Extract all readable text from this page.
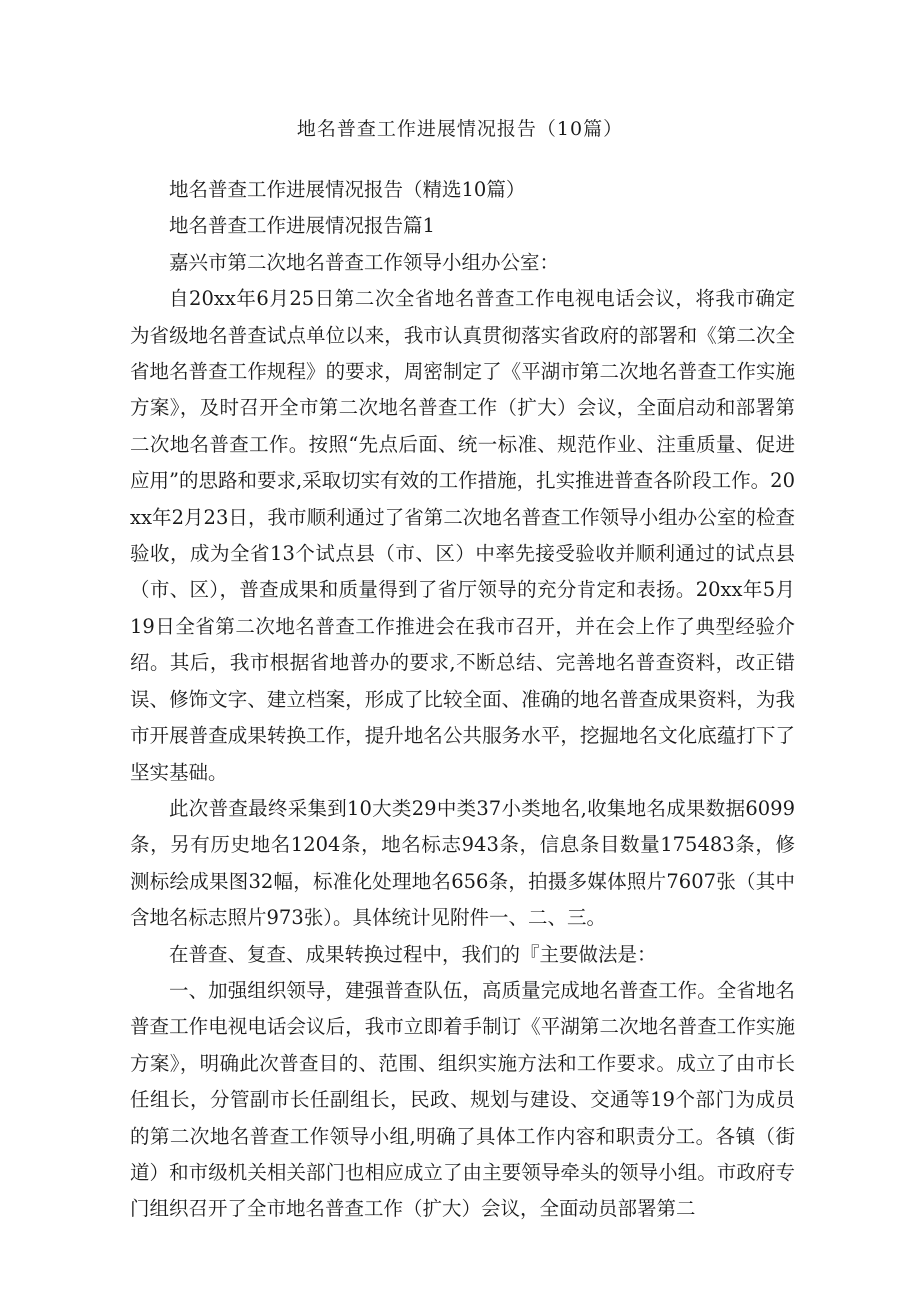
地名普查工作进展情况报告（10篇）

地名普查工作进展情况报告（精选10篇）

地名普查工作进展情况报告篇1

嘉兴市第二次地名普查工作领导小组办公室：

自20xx年6月25日第二次全省地名普查工作电视电话会议，将我市确定为省级地名普查试点单位以来，我市认真贯彻落实省政府的部署和《第二次全省地名普查工作规程》的要求，周密制定了《平湖市第二次地名普查工作实施方案》，及时召开全市第二次地名普查工作（扩大）会议，全面启动和部署第二次地名普查工作。按照“先点后面、统一标准、规范作业、注重质量、促进应用”的思路和要求,采取切实有效的工作措施，扎实推进普查各阶段工作。20xx年2月23日，我市顺利通过了省第二次地名普查工作领导小组办公室的检查验收，成为全省13个试点县（市、区）中率先接受验收并顺利通过的试点县（市、区），普查成果和质量得到了省厅领导的充分肯定和表扬。20xx年5月19日全省第二次地名普查工作推进会在我市召开，并在会上作了典型经验介绍。其后，我市根据省地普办的要求,不断总结、完善地名普查资料，改正错误、修饰文字、建立档案，形成了比较全面、准确的地名普查成果资料，为我市开展普查成果转换工作，提升地名公共服务水平，挖掘地名文化底蕴打下了坚实基础。

此次普查最终采集到10大类29中类37小类地名,收集地名成果数据6099条，另有历史地名1204条，地名标志943条，信息条目数量175483条，修测标绘成果图32幅，标准化处理地名656条，拍摄多媒体照片7607张（其中含地名标志照片973张）。具体统计见附件一、二、三。

在普查、复查、成果转换过程中，我们的『主要做法是：

一、加强组织领导，建强普查队伍，高质量完成地名普查工作。全省地名普查工作电视电话会议后，我市立即着手制订《平湖第二次地名普查工作实施方案》，明确此次普查目的、范围、组织实施方法和工作要求。成立了由市长任组长，分管副市长任副组长，民政、规划与建设、交通等19个部门为成员的第二次地名普查工作领导小组,明确了具体工作内容和职责分工。各镇（街道）和市级机关相关部门也相应成立了由主要领导牵头的领导小组。市政府专门组织召开了全市地名普查工作（扩大）会议，全面动员部署第二
